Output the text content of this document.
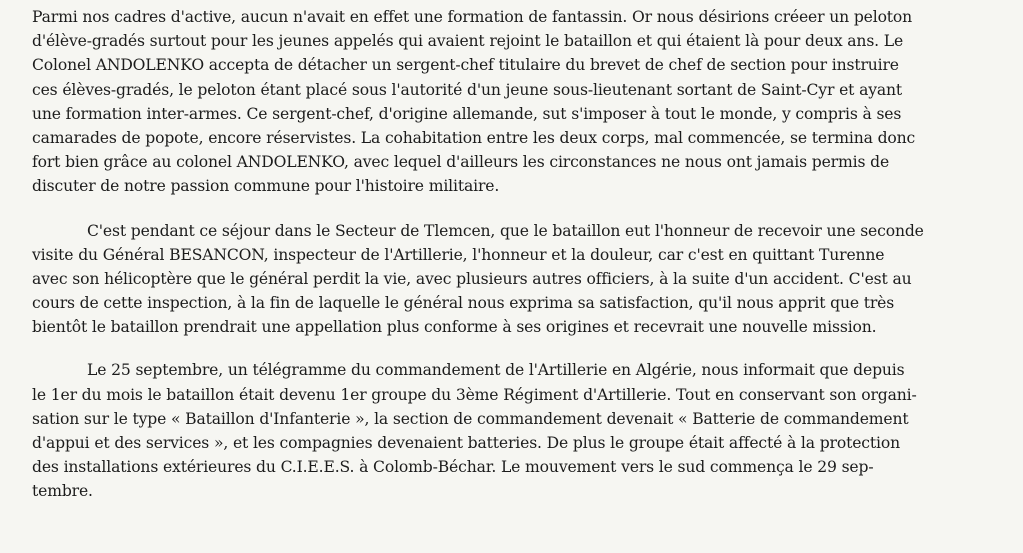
Parmi nos cadres d'active, aucun n'avait en effet une formation de fantassin. Or nous désirions créeer un peloton
d'élève-gradés surtout pour les jeunes appelés qui avaient rejoint le bataillon et qui étaient là pour deux ans. Le
Colonel ANDOLENKO accepta de détacher un sergent-chef titulaire du brevet de chef de section pour instruire
ces élèves-gradés, le peloton étant placé sous l'autorité d'un jeune sous-lieutenant sortant de Saint-Cyr et ayant
une formation inter-armes. Ce sergent-chef, d'origine allemande, sut s'imposer à tout le monde, y compris à ses
camarades de popote, encore réservistes. La cohabitation entre les deux corps, mal commencée, se termina donc
fort bien grâce au colonel ANDOLENKO, avec lequel d'ailleurs les circonstances ne nous ont jamais permis de
discuter de notre passion commune pour l'histoire militaire.
C'est pendant ce séjour dans le Secteur de Tlemcen, que le bataillon eut l'honneur de recevoir une seconde
visite du Général BESANCON, inspecteur de l'Artillerie, l'honneur et la douleur, car c'est en quittant Turenne
avec son hélicoptère que le général perdit la vie, avec plusieurs autres officiers, à la suite d'un accident. C'est au
cours de cette inspection, à la fin de laquelle le général nous exprima sa satisfaction, qu'il nous apprit que très
bientôt le bataillon prendrait une appellation plus conforme à ses origines et recevrait une nouvelle mission.
Le 25 septembre, un télégramme du commandement de l'Artillerie en Algérie, nous informait que depuis
le 1er du mois le bataillon était devenu 1er groupe du 3ème Régiment d'Artillerie. Tout en conservant son organi-
sation sur le type « Bataillon d'Infanterie », la section de commandement devenait « Batterie de commandement
d'appui et des services », et les compagnies devenaient batteries. De plus le groupe était affecté à la protection
des installations extérieures du C.I.E.E.S. à Colomb-Béchar. Le mouvement vers le sud commença le 29 sep-
tembre.
